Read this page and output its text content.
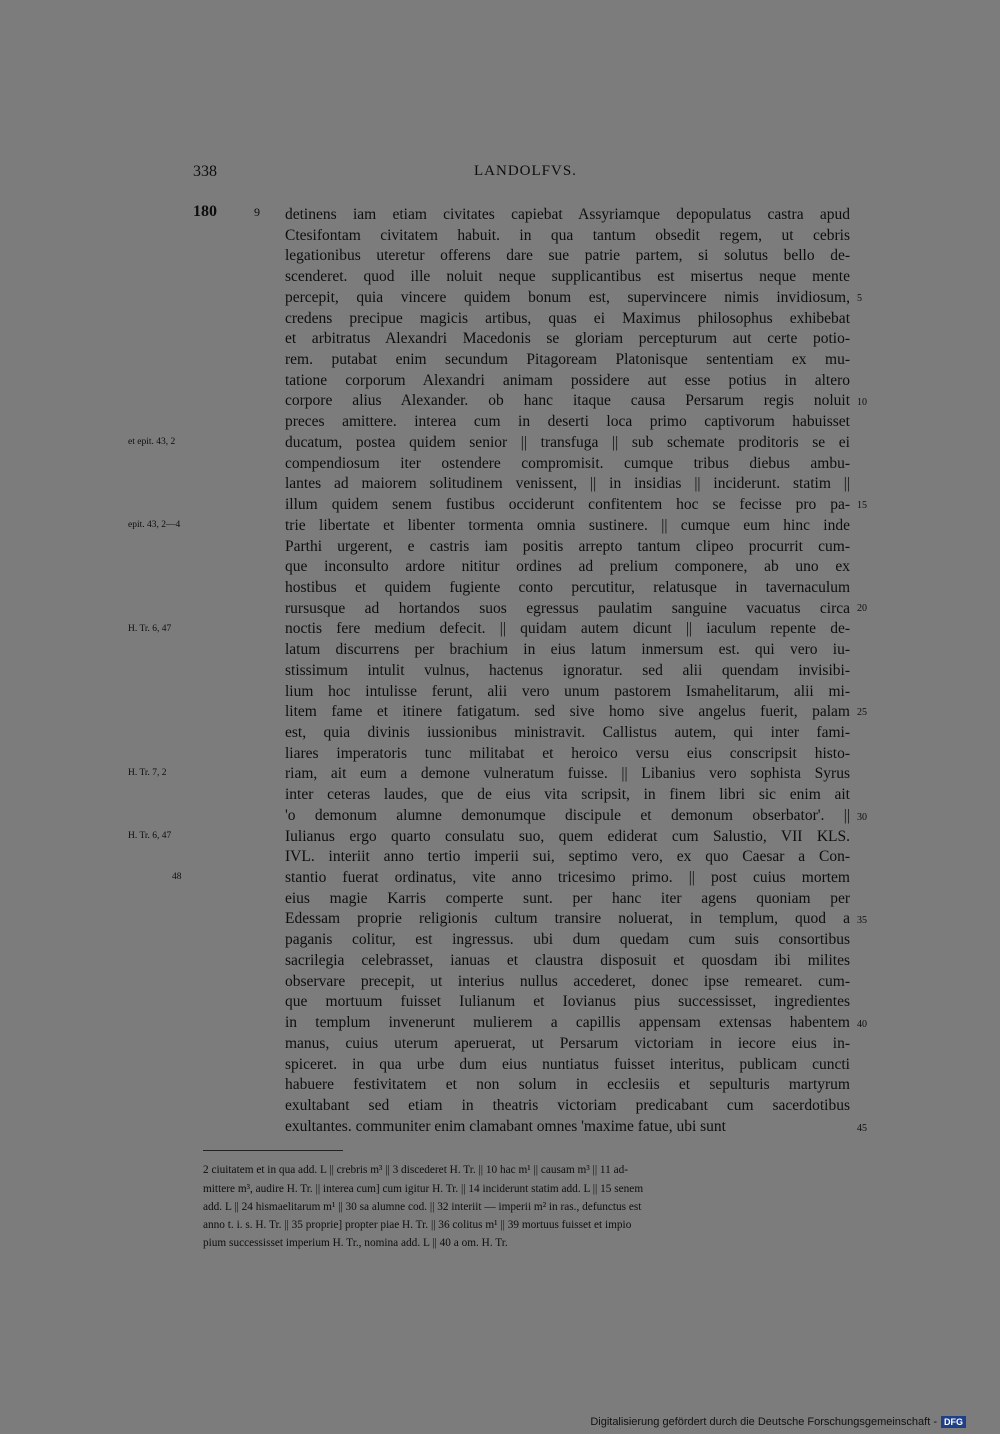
338	LANDOLFVS.
180	9 detinens iam etiam civitates capiebat Assyriamque depopulatus castra apud
Ctesifontam civitatem habuit. in qua tantum obsedit regem, ut cebris
legationibus uteretur offerens dare sue patrie partem, si solutus bello de-
scenderet. quod ille noluit neque supplicantibus est misertus neque mente
percepit, quia vincere quidem bonum est, supervincere nimis invidiosum,
credens precipue magicis artibus, quas ei Maximus philosophus exhibebat
et arbitratus Alexandri Macedonis se gloriam percepturum aut certe potio-
rem. putabat enim secundum Pitagoream Platonisque sententiam ex mu-
tatione corporum Alexandri animam possidere aut esse potius in altero
corpore alius Alexander. ob hanc itaque causa Persarum regis noluit
preces amittere. interea cum in deserti loca primo captivorum habuisset
ducatum, postea quidem senior || transfuga || sub schemate proditoris se ei
compendiosum iter ostendere compromisit. cumque tribus diebus ambu-
lantes ad maiorem solitudinem venissent, || in insidias || inciderunt. statim ||
illum quidem senem fustibus occiderunt confitentem hoc se fecisse pro pa-
trie libertate et libenter tormenta omnia sustinere. || cumque eum hinc inde
Parthi urgerent, e castris iam positis arrepto tantum clipeo procurrit cum-
que inconsulto ardore nititur ordines ad prelium componere, ab uno ex
hostibus et quidem fugiente conto percutitur, relatusque in tavernaculum
rursusque ad hortandos suos egressus paulatim sanguine vacuatus circa
noctis fere medium defecit. || quidam autem dicunt || iaculum repente de-
latum discurrens per brachium in eius latum inmersum est. qui vero iu-
stissimum intulit vulnus, hactenus ignoratur. sed alii quendam invisibi-
lium hoc intulisse ferunt, alii vero unum pastorem Ismahelitarum, alii mi-
litem fame et itinere fatigatum. sed sive homo sive angelus fuerit, palam
est, quia divinis iussionibus ministravit. Callistus autem, qui inter fami-
liares imperatoris tunc militabat et heroico versu eius conscripsit histo-
riam, ait eum a demone vulneratum fuisse. || Libanius vero sophista Syrus
inter ceteras laudes, que de eius vita scripsit, in finem libri sic enim ait
'o demonum alumne demonumque discipule et demonum obserbator'. ||
Iulianus ergo quarto consulatu suo, quem ediderat cum Salustio, VII KLS.
IVL. interiit anno tertio imperii sui, septimo vero, ex quo Caesar a Con-
stantio fuerat ordinatus, vite anno tricesimo primo. || post cuius mortem
eius magie Karris comperte sunt. per hanc iter agens quoniam per
Edessam proprie religionis cultum transire noluerat, in templum, quod a
paganis colitur, est ingressus. ubi dum quedam cum suis consortibus
sacrilegia celebrasset, ianuas et claustra disposuit et quosdam ibi milites
observare precepit, ut interius nullus accederet, donec ipse remearet. cum-
que mortuum fuisset Iulianum et Iovianus pius successisset, ingredientes
in templum invenerunt mulierem a capillis appensam extensas habentem
manus, cuius uterum aperuerat, ut Persarum victoriam in iecore eius in-
spiceret. in qua urbe dum eius nuntiatus fuisset interitus, publicam cuncti
habuere festivitatem et non solum in ecclesiis et sepulturis martyrum
exultabant sed etiam in theatris victoriam predicabant cum sacerdotibus
exultantes. communiter enim clamabant omnes 'maxime fatue, ubi sunt
5
10
15
20
25
30
35
40
45
et epit. 43, 2
epit. 43, 2—4
H. Tr. 6, 47
H. Tr. 7, 2
H. Tr. 6, 47
48
2 ciuitatem et in qua add. L || crebris m³ || 3 discederet H. Tr. || 10 hac m¹ || causam m³ || 11 ad-
mittere m³, audire H. Tr. || interea cum] cum igitur H. Tr. || 14 inciderunt statim add. L || 15 senem
add. L || 24 hismaelitarum m¹ || 30 sa alumne cod. || 32 interiit — imperii m² in ras., defunctus est
anno t. i. s. H. Tr. || 35 proprie] propter piae H. Tr. || 36 colitus m¹ || 39 mortuus fuisset et impio
pium successisset imperium H. Tr., nomina add. L || 40 a om. H. Tr.
Digitalisierung gefördert durch die Deutsche Forschungsgemeinschaft - DFG
